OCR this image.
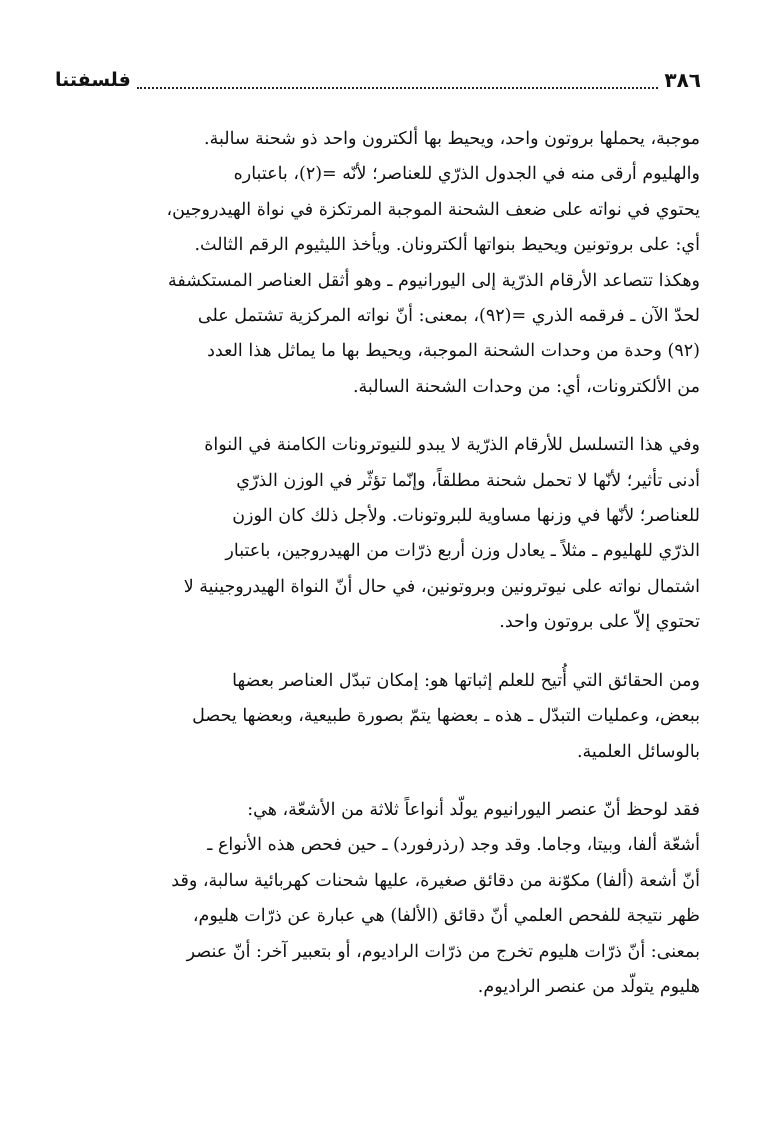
٣٨٦
فلسفتنا

موجبة، يحملها بروتون واحد، ويحيط بها ألكترون واحد ذو شحنة سالبة.
والهليوم أرقى منه في الجدول الذرّي للعناصر؛ لأنّه =(٢)، باعتباره
يحتوي في نواته على ضعف الشحنة الموجبة المرتكزة في نواة الهيدروجين،
أي: على بروتونين ويحيط بنواتها ألكترونان. ويأخذ الليثيوم الرقم الثالث.
وهكذا تتصاعد الأرقام الذرّية إلى اليورانيوم ـ وهو أثقل العناصر المستكشفة
لحدّ الآن ـ فرقمه الذري =(٩٢)، بمعنى: أنّ نواته المركزية تشتمل على
(٩٢) وحدة من وحدات الشحنة الموجبة، ويحيط بها ما يماثل هذا العدد
من الألكترونات، أي: من وحدات الشحنة السالبة.

وفي هذا التسلسل للأرقام الذرّية لا يبدو للنيوترونات الكامنة في النواة
أدنى تأثير؛ لأنّها لا تحمل شحنة مطلقاً، وإنّما تؤثّر في الوزن الذرّي
للعناصر؛ لأنّها في وزنها مساوية للبروتونات. ولأجل ذلك كان الوزن
الذرّي للهليوم ـ مثلاً ـ يعادل وزن أربع ذرّات من الهيدروجين، باعتبار
اشتمال نواته على نيوترونين وبروتونين، في حال أنّ النواة الهيدروجينية لا
تحتوي إلاّ على بروتون واحد.

ومن الحقائق التي أُتيح للعلم إثباتها هو: إمكان تبدّل العناصر بعضها
ببعض، وعمليات التبدّل ـ هذه ـ بعضها يتمّ بصورة طبيعية، وبعضها يحصل
بالوسائل العلمية.

فقد لوحظ أنّ عنصر اليورانيوم يولّد أنواعاً ثلاثة من الأشعّة، هي:
أشعّة ألفا، وبيتا، وجاما. وقد وجد (رذرفورد) ـ حين فحص هذه الأنواع ـ
أنّ أشعة (ألفا) مكوّنة من دقائق صغيرة، عليها شحنات كهربائية سالبة، وقد
ظهر نتيجة للفحص العلمي أنّ دقائق (الألفا) هي عبارة عن ذرّات هليوم،
بمعنى: أنّ ذرّات هليوم تخرج من ذرّات الراديوم، أو بتعبير آخر: أنّ عنصر
هليوم يتولّد من عنصر الراديوم.
